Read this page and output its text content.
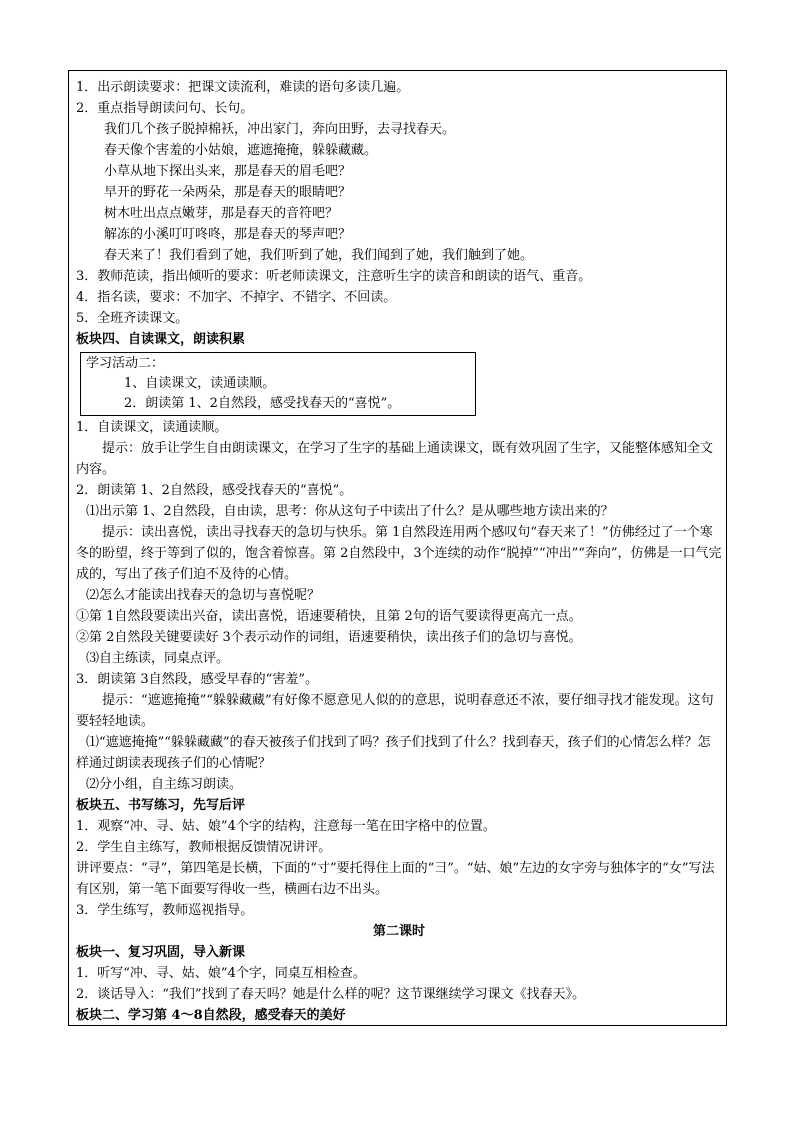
1．出示朗读要求：把课文读流利，难读的语句多读几遍。
2．重点指导朗读问句、长句。
我们几个孩子脱掉棉袄，冲出家门，奔向田野，去寻找春天。
春天像个害羞的小姑娘，遮遮掩掩，躲躲藏藏。
小草从地下探出头来，那是春天的眉毛吧？
早开的野花一朵两朵，那是春天的眼睛吧？
树木吐出点点嫩芽，那是春天的音符吧？
解冻的小溪叮叮咚咚，那是春天的琴声吧？
春天来了！我们看到了她，我们听到了她，我们闻到了她，我们触到了她。
3．教师范读，指出倾听的要求：听老师读课文，注意听生字的读音和朗读的语气、重音。
4．指名读，要求：不加字、不掉字、不错字、不回读。
5．全班齐读课文。
板块四、自读课文，朗读积累
学习活动二：
1、自读课文，读通读顺。
2．朗读第 1、2自然段，感受找春天的“喜悦”。
1．自读课文，读通读顺。
提示：放手让学生自由朗读课文，在学习了生字的基础上通读课文，既有效巩固了生字，又能整体感知全文内容。
2．朗读第 1、2自然段，感受找春天的“喜悦”。
⑴出示第 1、2自然段，自由读，思考：你从这句子中读出了什么？是从哪些地方读出来的？
提示：读出喜悦，读出寻找春天的急切与快乐。第 1自然段连用两个感叹句“春天来了！”仿佛经过了一个寒冬的盼望，终于等到了似的，饱含着惊喜。第 2自然段中，3个连续的动作“脱掉”“冲出”“奔向”，仿佛是一口气完成的，写出了孩子们迫不及待的心情。
⑵怎么才能读出找春天的急切与喜悦呢？
①第 1自然段要读出兴奋，读出喜悦，语速要稍快，且第 2句的语气要读得更高亢一点。
②第 2自然段关键要读好 3个表示动作的词组，语速要稍快，读出孩子们的急切与喜悦。
⑶自主练读，同桌点评。
3．朗读第 3自然段，感受早春的“害羞”。
提示：“遮遮掩掩”“躲躲藏藏”有好像不愿意见人似的的意思，说明春意还不浓，要仔细寻找才能发现。这句要轻轻地读。
⑴“遮遮掩掩”“躲躲藏藏”的春天被孩子们找到了吗？孩子们找到了什么？找到春天，孩子们的心情怎么样？怎样通过朗读表现孩子们的心情呢？
⑵分小组，自主练习朗读。
板块五、书写练习，先写后评
1．观察“冲、寻、姑、娘”4个字的结构，注意每一笔在田字格中的位置。
2．学生自主练写，教师根据反馈情况讲评。
讲评要点：“寻”，第四笔是长横，下面的“寸”要托得住上面的“彐”。“姑、娘”左边的女字旁与独体字的“女”写法有区别，第一笔下面要写得收一些，横画右边不出头。
3．学生练写，教师巡视指导。
第二课时
板块一、复习巩固，导入新课
1．听写“冲、寻、姑、娘”4个字，同桌互相检查。
2．谈话导入：“我们”找到了春天吗？她是什么样的呢？这节课继续学习课文《找春天》。
板块二、学习第 4～8自然段，感受春天的美好
